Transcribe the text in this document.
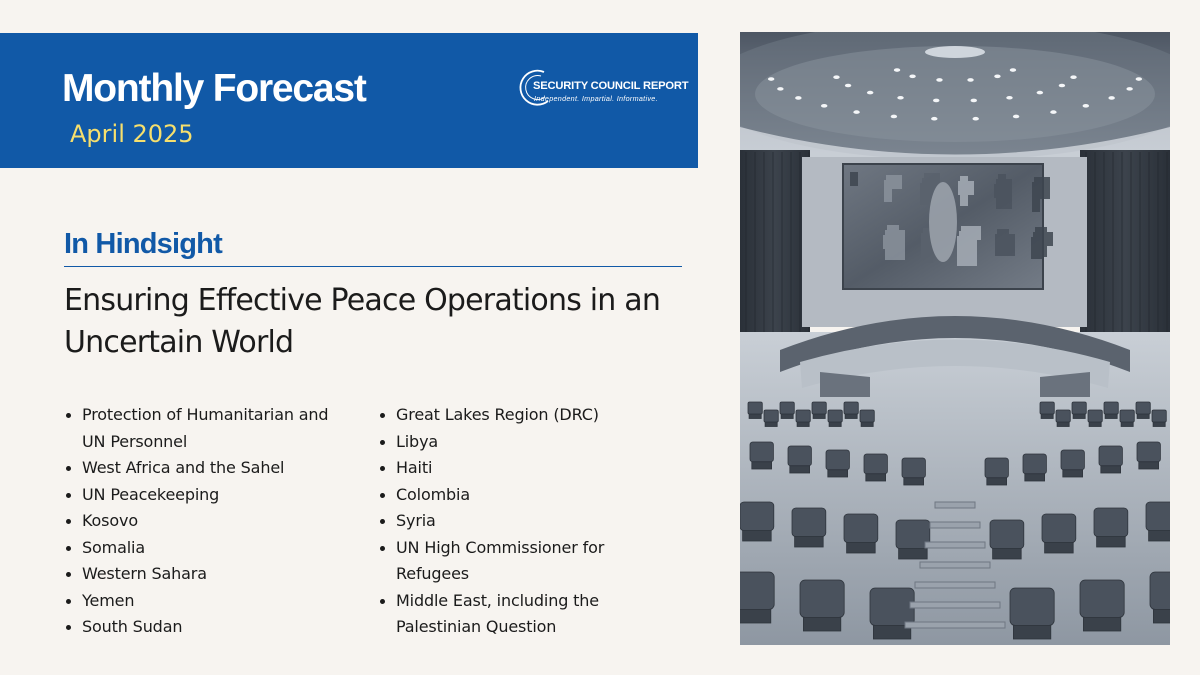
Monthly Forecast
April 2025
SECURITY COUNCIL REPORT
Independent. Impartial. Informative.
In Hindsight
Ensuring Effective Peace Operations in an Uncertain World
Protection of Humanitarian and UN Personnel
West Africa and the Sahel
UN Peacekeeping
Kosovo
Somalia
Western Sahara
Yemen
South Sudan
Great Lakes Region (DRC)
Libya
Haiti
Colombia
Syria
UN High Commissioner for Refugees
Middle East, including the Palestinian Question
